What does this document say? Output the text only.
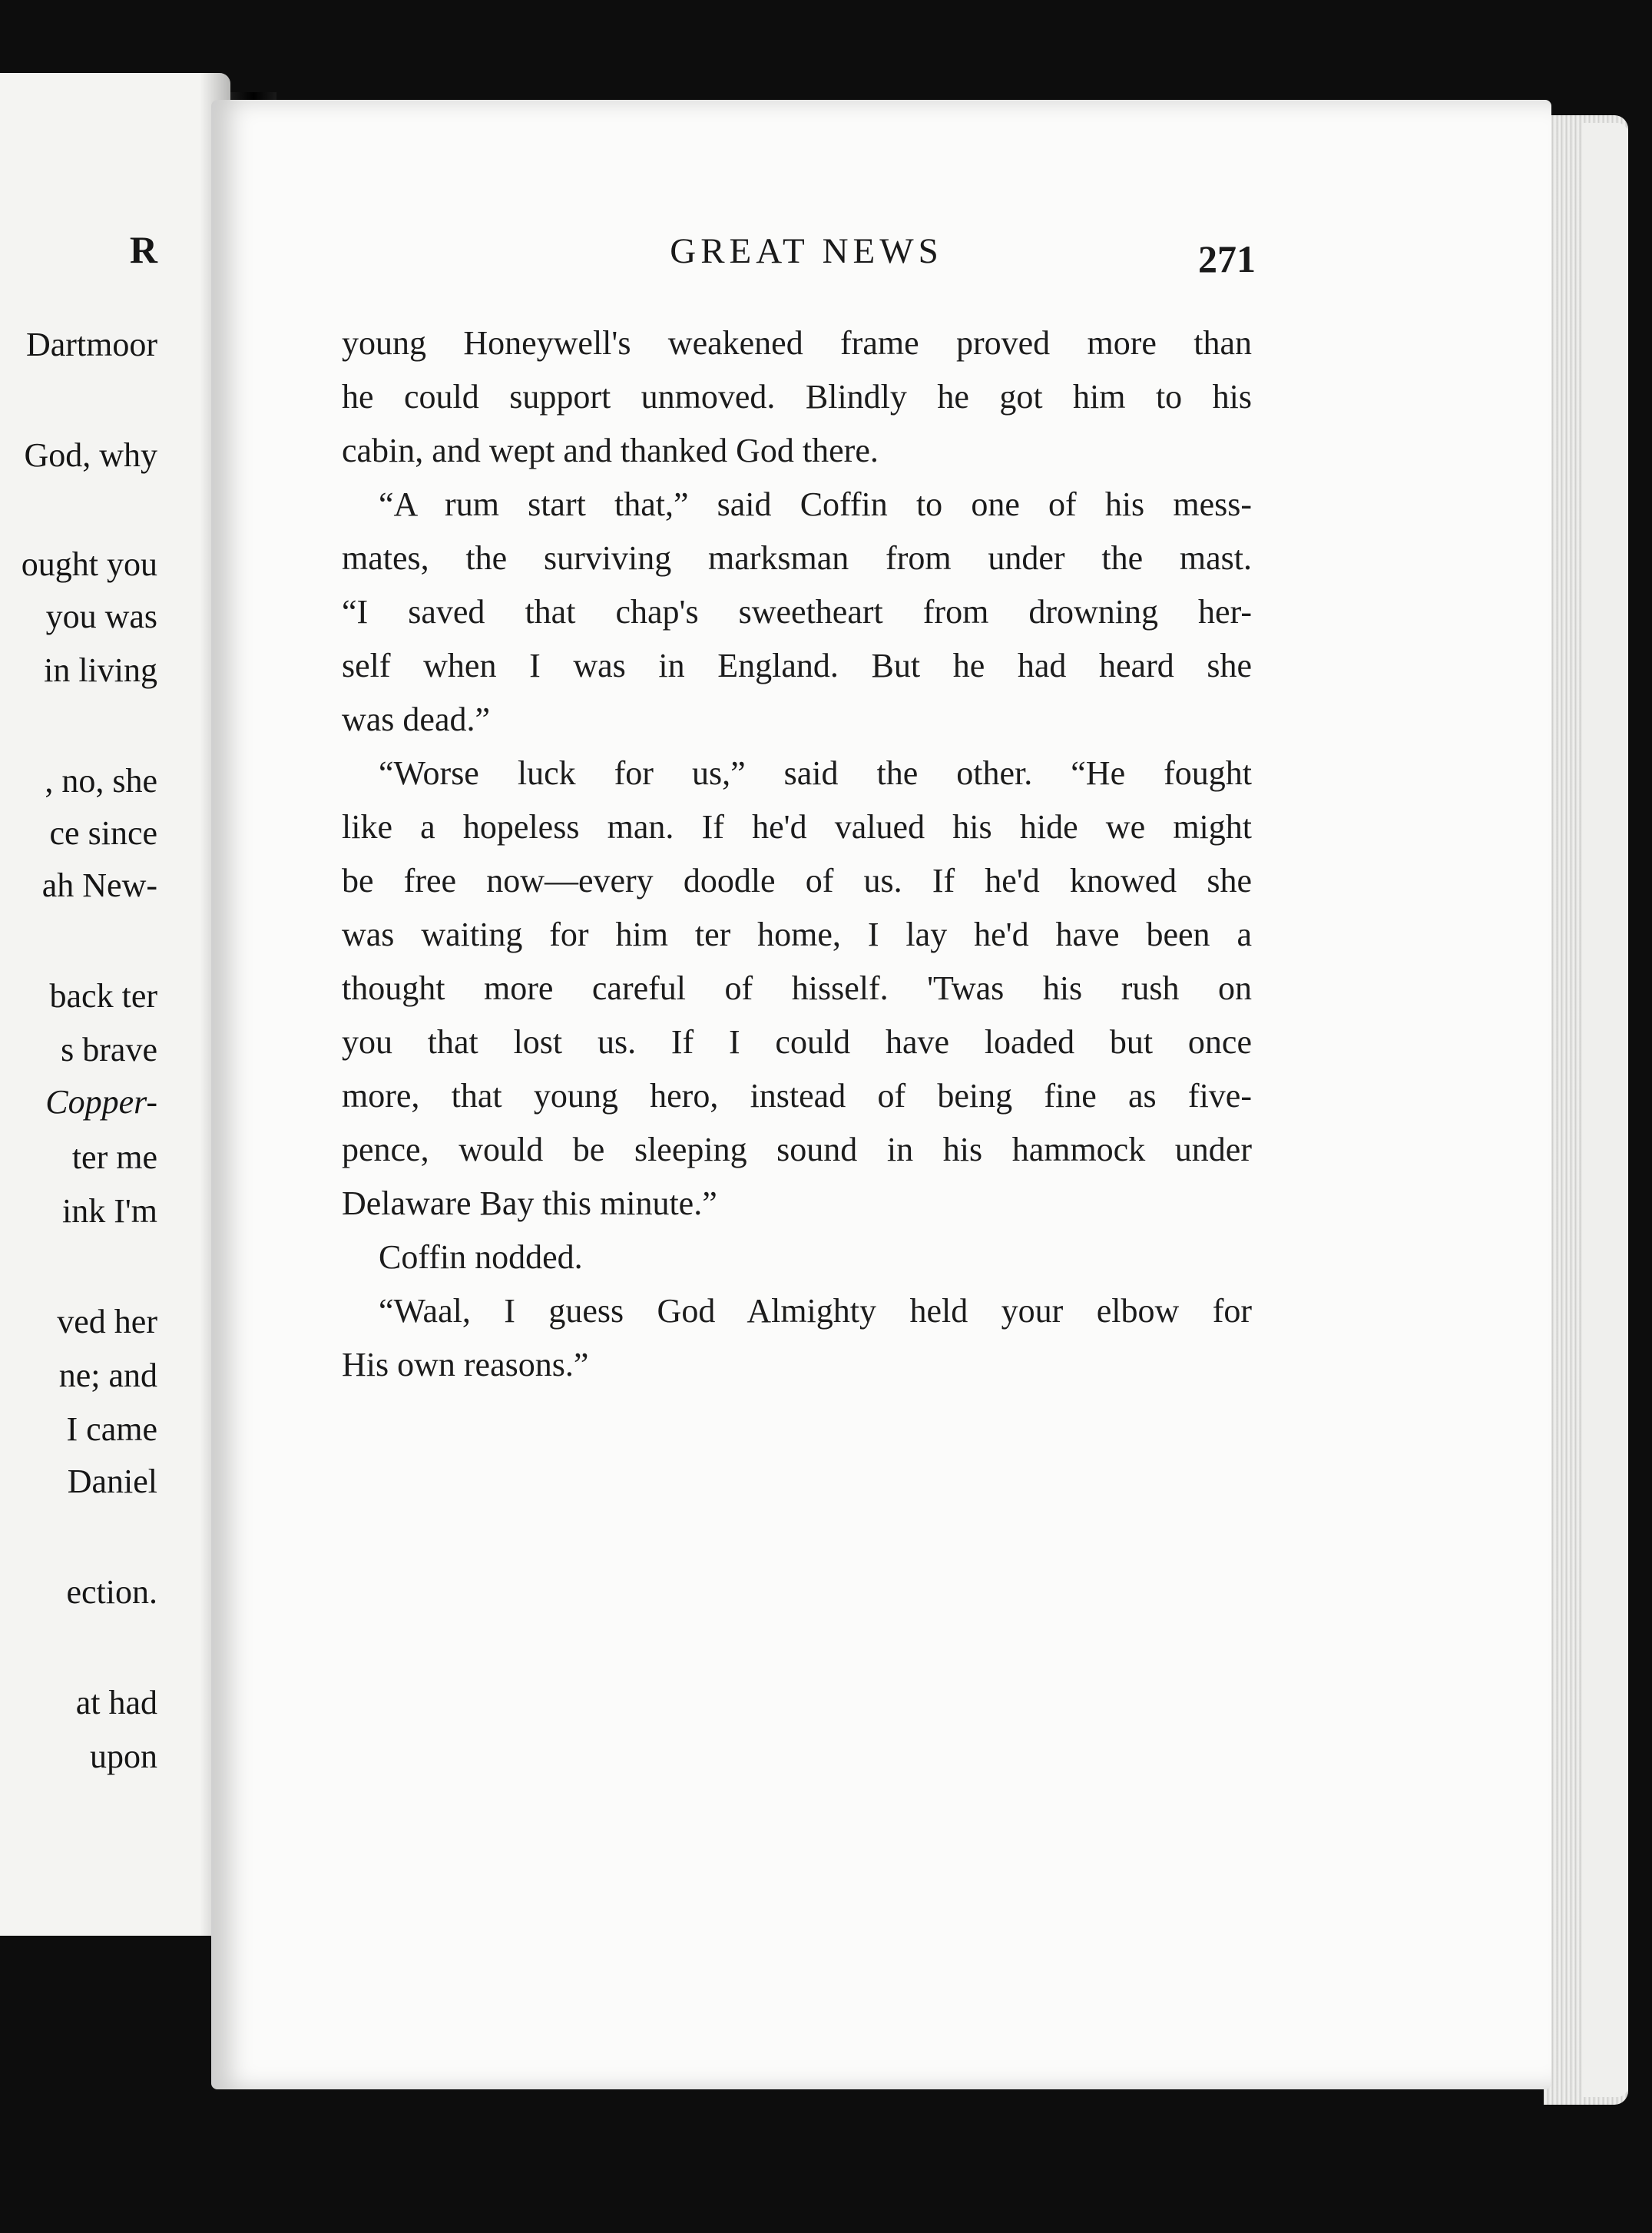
R
Dartmoor
God, why
ought you
you was
in living
, no, she
ce since
ah New-
back ter
s brave
Copper-
ter me
ink I'm
ved her
ne; and
I came
Daniel
ection.
at had
upon
GREAT NEWS	271
young Honeywell's weakened frame proved more than
he could support unmoved. Blindly he got him to his
cabin, and wept and thanked God there.
“A rum start that,” said Coffin to one of his mess-
mates, the surviving marksman from under the mast.
“I saved that chap's sweetheart from drowning her-
self when I was in England. But he had heard she
was dead.”
“Worse luck for us,” said the other. “He fought
like a hopeless man. If he'd valued his hide we might
be free now—every doodle of us. If he'd knowed she
was waiting for him ter home, I lay he'd have been a
thought more careful of hisself. 'Twas his rush on
you that lost us. If I could have loaded but once
more, that young hero, instead of being fine as five-
pence, would be sleeping sound in his hammock under
Delaware Bay this minute.”
Coffin nodded.
“Waal, I guess God Almighty held your elbow for
His own reasons.”
